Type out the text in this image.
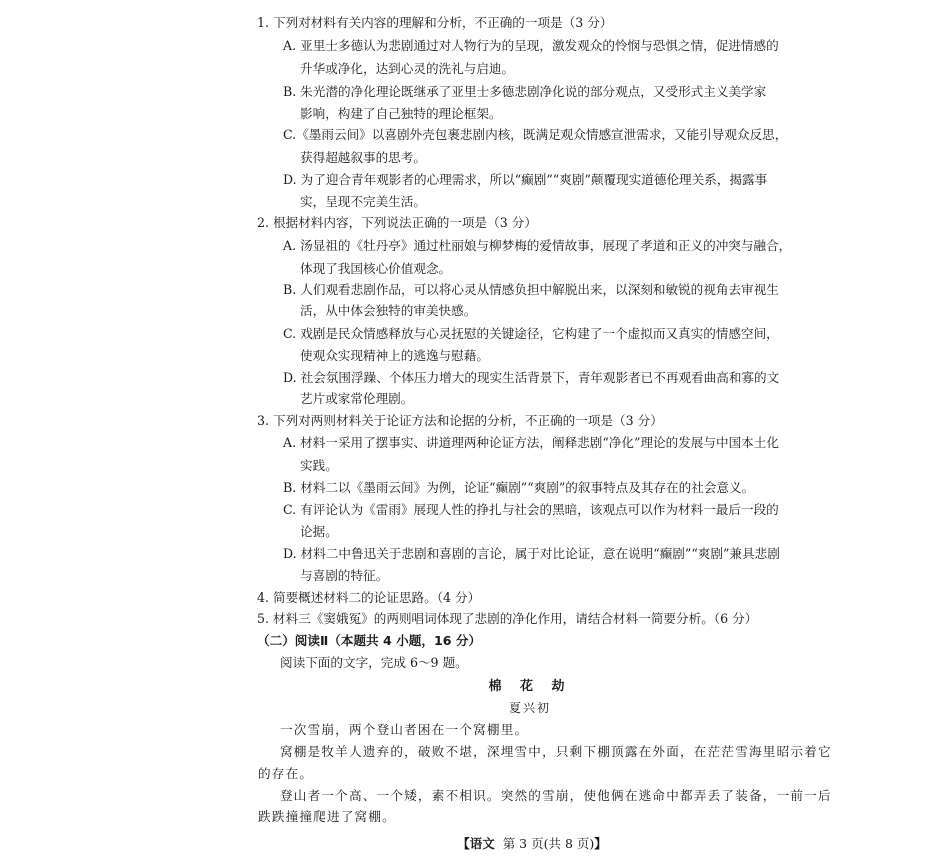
1. 下列对材料有关内容的理解和分析，不正确的一项是（3 分）
A. 亚里士多德认为悲剧通过对人物行为的呈现，激发观众的怜悯与恐惧之情，促进情感的
升华或净化，达到心灵的洗礼与启迪。
B. 朱光潜的净化理论既继承了亚里士多德悲剧净化说的部分观点，又受形式主义美学家
影响，构建了自己独特的理论框架。
C.《墨雨云间》以喜剧外壳包裹悲剧内核，既满足观众情感宣泄需求，又能引导观众反思，
获得超越叙事的思考。
D. 为了迎合青年观影者的心理需求，所以“癫剧”“爽剧”颠覆现实道德伦理关系，揭露事
实，呈现不完美生活。
2. 根据材料内容，下列说法正确的一项是（3 分）
A. 汤显祖的《牡丹亭》通过杜丽娘与柳梦梅的爱情故事，展现了孝道和正义的冲突与融合，
体现了我国核心价值观念。
B. 人们观看悲剧作品，可以将心灵从情感负担中解脱出来，以深刻和敏锐的视角去审视生
活，从中体会独特的审美快感。
C. 戏剧是民众情感释放与心灵抚慰的关键途径，它构建了一个虚拟而又真实的情感空间，
使观众实现精神上的逃逸与慰藉。
D. 社会氛围浮躁、个体压力增大的现实生活背景下，青年观影者已不再观看曲高和寡的文
艺片或家常伦理剧。
3. 下列对两则材料关于论证方法和论据的分析，不正确的一项是（3 分）
A. 材料一采用了摆事实、讲道理两种论证方法，阐释悲剧“净化”理论的发展与中国本土化
实践。
B. 材料二以《墨雨云间》为例，论证“癫剧”“爽剧”的叙事特点及其存在的社会意义。
C. 有评论认为《雷雨》展现人性的挣扎与社会的黑暗，该观点可以作为材料一最后一段的
论据。
D. 材料二中鲁迅关于悲剧和喜剧的言论，属于对比论证，意在说明“癫剧”“爽剧”兼具悲剧
与喜剧的特征。
4. 简要概述材料二的论证思路。（4 分）
5. 材料三《窦娥冤》的两则唱词体现了悲剧的净化作用，请结合材料一简要分析。（6 分）
（二）阅读Ⅱ（本题共 4 小题，16 分）
阅读下面的文字，完成 6～9 题。
棉 花 劫
夏兴初
一次雪崩，两个登山者困在一个窝棚里。
窝棚是牧羊人遗弃的，破败不堪，深埋雪中，只剩下棚顶露在外面，在茫茫雪海里昭示着它
的存在。
登山者一个高、一个矮，素不相识。突然的雪崩，使他俩在逃命中都弄丢了装备，一前一后
跌跌撞撞爬进了窝棚。
【语文 第 3 页(共 8 页)】
